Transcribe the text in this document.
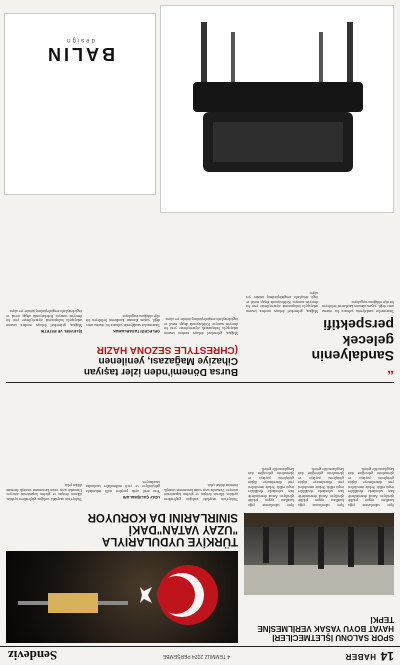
14
HABER
4 TEMMUZ 2024 PERŞEMBE
Sendeviz
SPOR SALONU İŞLETMECİLERİ HAYAT BOYU YASAK VERİLMESİNE TEPKİ
Spor salonlarının çoğu kurallara uygun şekilde işletiliyor. Ancak denetimlerde bazı salonlarda eksiklikler tespit edildi. Sektör temsilcileri yeni düzenlemeye ilişkin görüşlerini paylaştı ve işletmelerin geleceğine dair kaygılarını dile getirdi.
Spor salonlarının çoğu kurallara uygun şekilde işletiliyor. Ancak denetimlerde bazı salonlarda eksiklikler tespit edildi. Sektör temsilcileri yeni düzenlemeye ilişkin görüşlerini paylaştı ve işletmelerin geleceğine dair kaygılarını dile getirdi.
Spor salonlarının çoğu kurallara uygun şekilde işletiliyor. Ancak denetimlerde bazı salonlarda eksiklikler tespit edildi. Sektör temsilcileri yeni düzenlemeye ilişkin görüşlerini paylaştı ve işletmelerin geleceğine dair kaygılarını dile getirdi.
TÜRKİYE UYDULARIYLA
"UZAY VATAN"DAKİ
SINIRLARINI DA KORUYOR
Türkiye'nin uzaydaki varlığını güçlendiren uydular, ülkenin iletişim ve gözlem kapasitesini artırıyor. Uzmanlar uzay vatan kavramının stratejik önemine dikkat çekti.
UZAY ÇALIŞMALARI
Yeni nesil uydu projeleri milli imkanlarla geliştiriliyor ve yerli mühendisler tarafından tasarlanıyor.
Türkiye'nin uzaydaki varlığını güçlendiren uydular, ülkenin iletişim ve gözlem kapasitesini artırıyor. Uzmanlar uzay vatan kavramının stratejik önemine dikkat çekti.
“
Sandalyenin
gelecek
perspektifi
Bursa Dönemi'nden izler taşıyan
Cihaziye Mağazası, yenilenen
(CHRESTYLE SEZONA HAZIR
Mağaza, geleneksel dokuyu modern tasarım anlayışıyla buluşturarak ziyaretçilerine yeni bir deneyim sunuyor. Koleksiyonda ahşap, metal ve örgü detaylarla zenginleştirilmiş ürünler yer alıyor.
GELECEĞİ TASARLAMAK
Tasarımcılar sandalyenin yalnızca bir oturma aracı değil, yaşam alanının karakterini belirleyen bir obje olduğunu vurguluyor.
İŞLEVSEL VE ESTETİK
Mağaza, geleneksel dokuyu modern tasarım anlayışıyla buluşturarak ziyaretçilerine yeni bir deneyim sunuyor. Koleksiyonda ahşap, metal ve örgü detaylarla zenginleştirilmiş ürünler yer alıyor.	Tasarımcılar sandalyenin yalnızca bir oturma aracı değil, yaşam alanının karakterini belirleyen bir obje olduğunu vurguluyor.
Mağaza, geleneksel dokuyu modern tasarım anlayışıyla buluşturarak ziyaretçilerine yeni bir deneyim sunuyor. Koleksiyonda ahşap, metal ve örgü detaylarla zenginleştirilmiş ürünler yer alıyor.
BALIN
design
